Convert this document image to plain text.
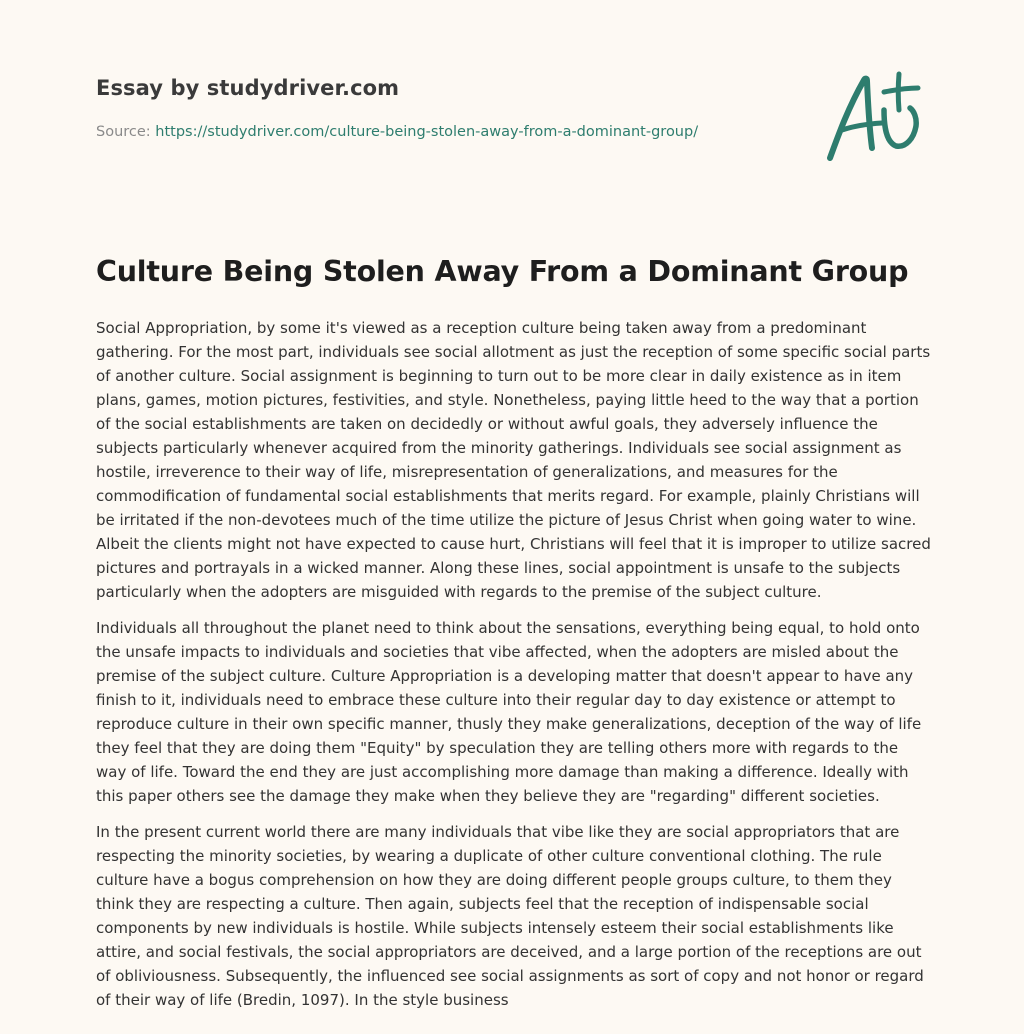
Essay by studydriver.com
Source: https://studydriver.com/culture-being-stolen-away-from-a-dominant-group/
Culture Being Stolen Away From a Dominant Group

Social Appropriation, by some it's viewed as a reception culture being taken away from a predominant gathering. For the most part, individuals see social allotment as just the reception of some specific social parts of another culture. Social assignment is beginning to turn out to be more clear in daily existence as in item plans, games, motion pictures, festivities, and style. Nonetheless, paying little heed to the way that a portion of the social establishments are taken on decidedly or without awful goals, they adversely influence the subjects particularly whenever acquired from the minority gatherings. Individuals see social assignment as hostile, irreverence to their way of life, misrepresentation of generalizations, and measures for the commodification of fundamental social establishments that merits regard. For example, plainly Christians will be irritated if the non-devotees much of the time utilize the picture of Jesus Christ when going water to wine. Albeit the clients might not have expected to cause hurt, Christians will feel that it is improper to utilize sacred pictures and portrayals in a wicked manner. Along these lines, social appointment is unsafe to the subjects particularly when the adopters are misguided with regards to the premise of the subject culture.

Individuals all throughout the planet need to think about the sensations, everything being equal, to hold onto the unsafe impacts to individuals and societies that vibe affected, when the adopters are misled about the premise of the subject culture. Culture Appropriation is a developing matter that doesn't appear to have any finish to it, individuals need to embrace these culture into their regular day to day existence or attempt to reproduce culture in their own specific manner, thusly they make generalizations, deception of the way of life they feel that they are doing them "Equity" by speculation they are telling others more with regards to the way of life. Toward the end they are just accomplishing more damage than making a difference. Ideally with this paper others see the damage they make when they believe they are "regarding" different societies.

In the present current world there are many individuals that vibe like they are social appropriators that are respecting the minority societies, by wearing a duplicate of other culture conventional clothing. The rule culture have a bogus comprehension on how they are doing different people groups culture, to them they think they are respecting a culture. Then again, subjects feel that the reception of indispensable social components by new individuals is hostile. While subjects intensely esteem their social establishments like attire, and social festivals, the social appropriators are deceived, and a large portion of the receptions are out of obliviousness. Subsequently, the influenced see social assignments as sort of copy and not honor or regard of their way of life (Bredin, 1097). In the style business
